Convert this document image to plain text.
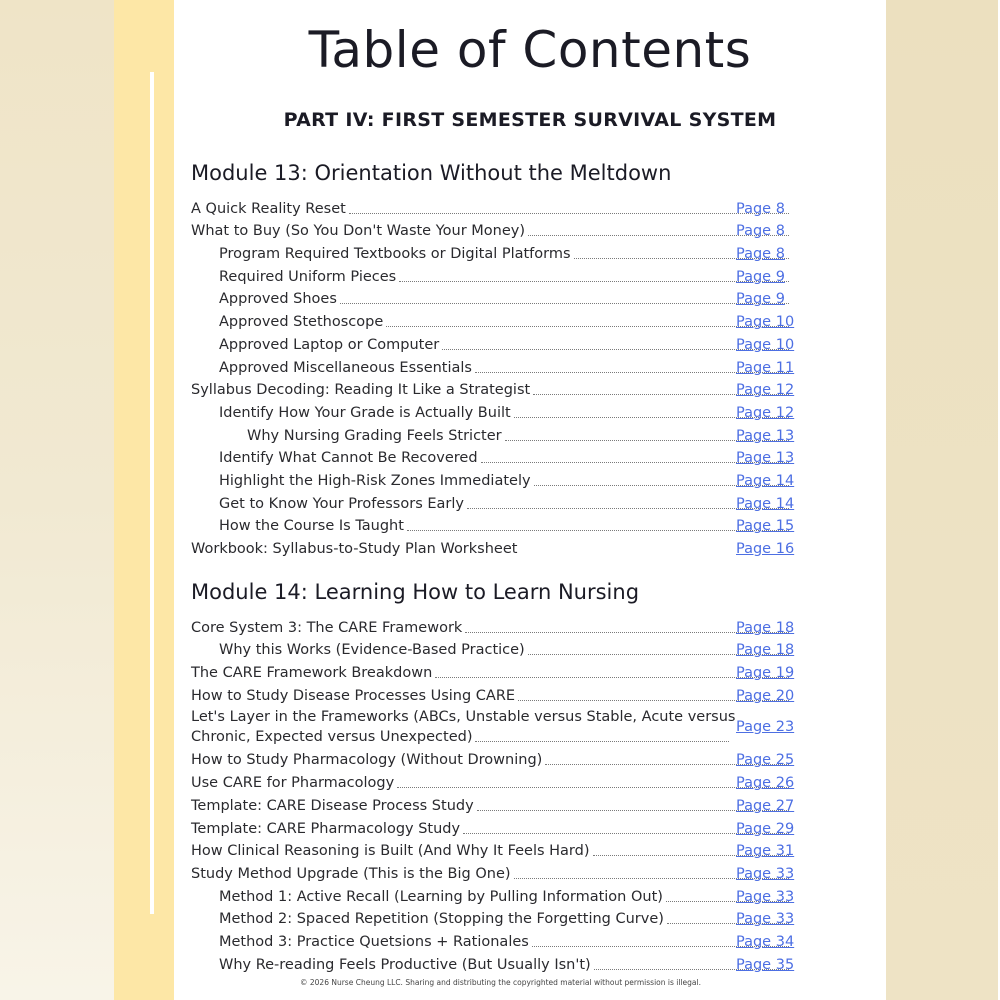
Table of Contents
PART IV: FIRST SEMESTER SURVIVAL SYSTEM
Module 13: Orientation Without the Meltdown
A Quick Reality Reset	Page 8
What to Buy (So You Don't Waste Your Money)	Page 8
Program Required Textbooks or Digital Platforms	Page 8
Required Uniform Pieces	Page 9
Approved Shoes	Page 9
Approved Stethoscope	Page 10
Approved Laptop or Computer	Page 10
Approved Miscellaneous Essentials	Page 11
Syllabus Decoding: Reading It Like a Strategist	Page 12
Identify How Your Grade is Actually Built	Page 12
Why Nursing Grading Feels Stricter	Page 13
Identify What Cannot Be Recovered	Page 13
Highlight the High-Risk Zones Immediately	Page 14
Get to Know Your Professors Early	Page 14
How the Course Is Taught	Page 15
Workbook: Syllabus-to-Study Plan Worksheet	Page 16
Module 14: Learning How to Learn Nursing
Core System 3: The CARE Framework	Page 18
Why this Works (Evidence-Based Practice)	Page 18
The CARE Framework Breakdown	Page 19
How to Study Disease Processes Using CARE	Page 20
Let's Layer in the Frameworks (ABCs, Unstable versus Stable, Acute versus
Chronic, Expected versus Unexpected)
Page 23
How to Study Pharmacology (Without Drowning)	Page 25
Use CARE for Pharmacology	Page 26
Template: CARE Disease Process Study	Page 27
Template: CARE Pharmacology Study	Page 29
How Clinical Reasoning is Built (And Why It Feels Hard)	Page 31
Study Method Upgrade (This is the Big One)	Page 33
Method 1: Active Recall (Learning by Pulling Information Out)	Page 33
Method 2: Spaced Repetition (Stopping the Forgetting Curve)	Page 33
Method 3: Practice Quetsions + Rationales	Page 34
Why Re-reading Feels Productive (But Usually Isn't)	Page 35
© 2026 Nurse Cheung LLC. Sharing and distributing the copyrighted material without permission is illegal.
